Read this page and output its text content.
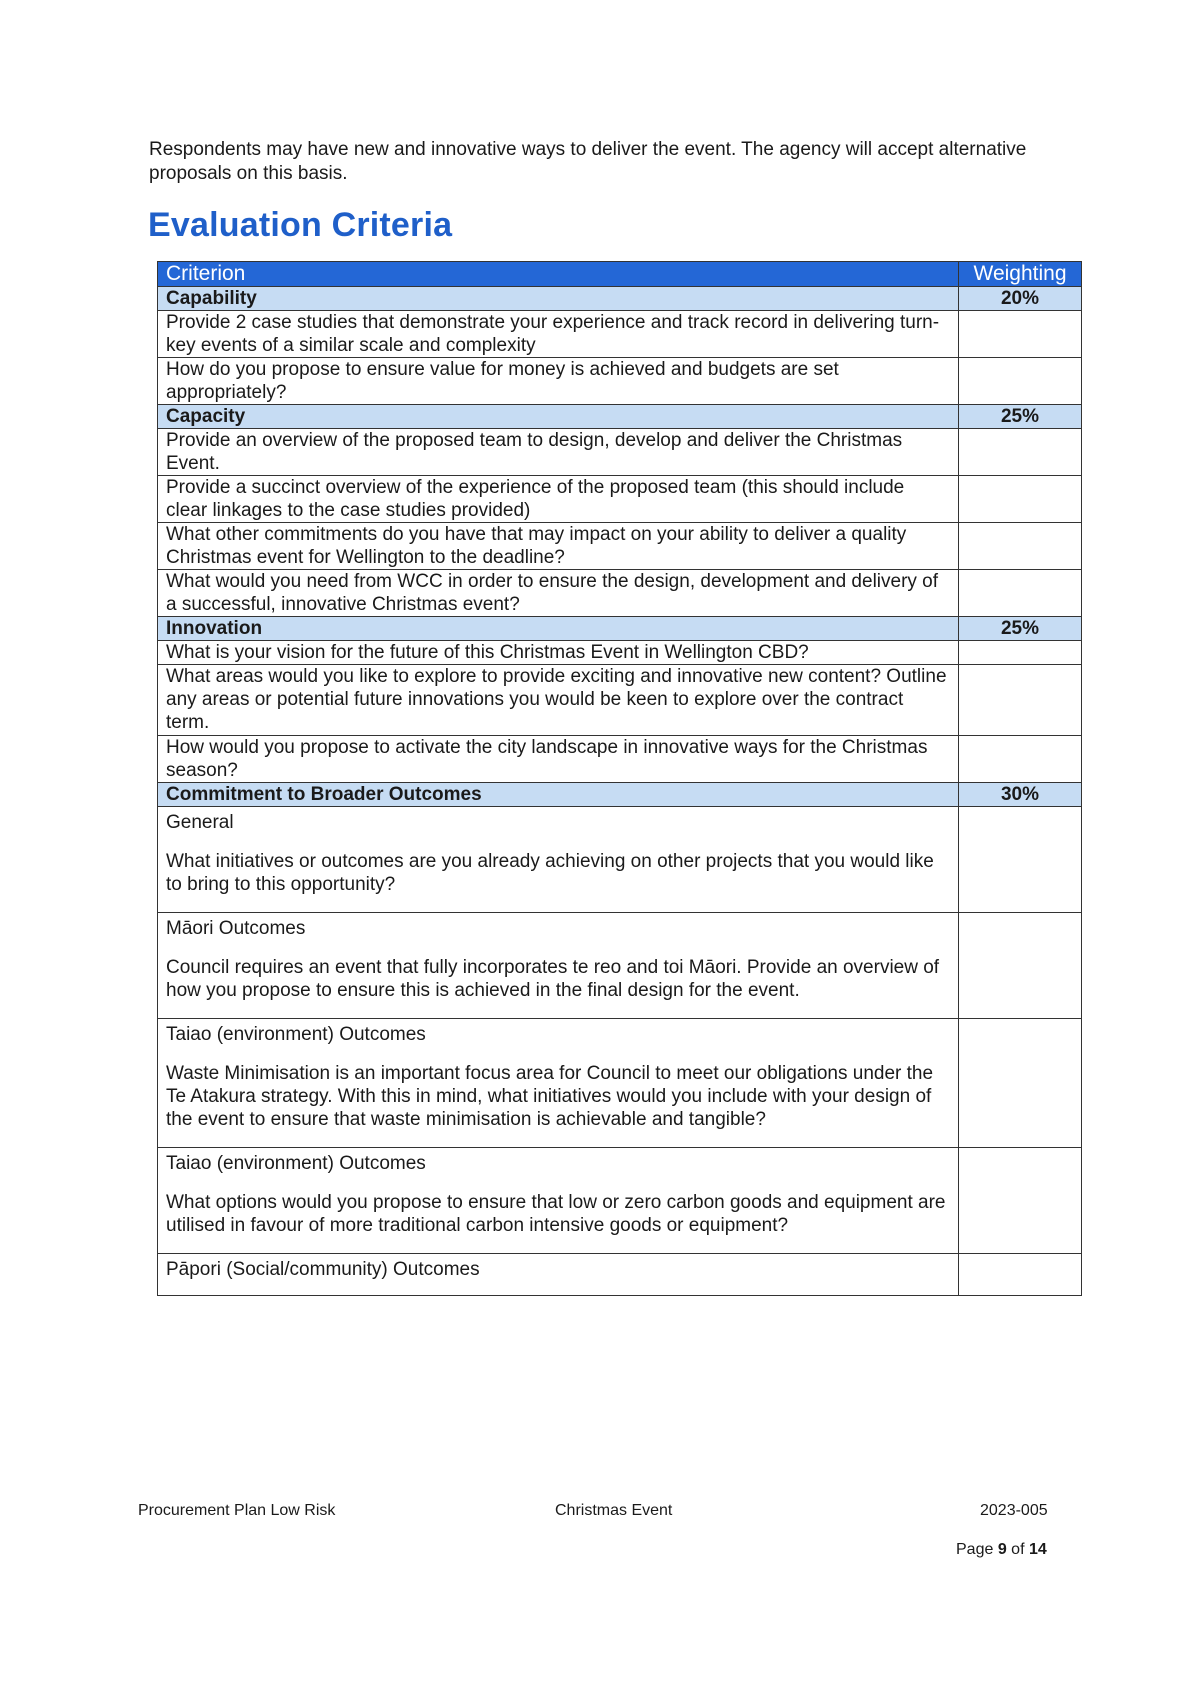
Respondents may have new and innovative ways to deliver the event. The agency will accept alternative proposals on this basis.
Evaluation Criteria
Criterion	Weighting
Capability	20%
Provide 2 case studies that demonstrate your experience and track record in delivering turn-key events of a similar scale and complexity	
How do you propose to ensure value for money is achieved and budgets are set appropriately?	
Capacity	25%
Provide an overview of the proposed team to design, develop and deliver the Christmas Event.	
Provide a succinct overview of the experience of the proposed team (this should include clear linkages to the case studies provided)	
What other commitments do you have that may impact on your ability to deliver a quality Christmas event for Wellington to the deadline?	
What would you need from WCC in order to ensure the design, development and delivery of a successful, innovative Christmas event?	
Innovation	25%
What is your vision for the future of this Christmas Event in Wellington CBD?	
What areas would you like to explore to provide exciting and innovative new content? Outline any areas or potential future innovations you would be keen to explore over the contract term.	
How would you propose to activate the city landscape in innovative ways for the Christmas season?	
Commitment to Broader Outcomes	30%

General
What initiatives or outcomes are you already achieving on other projects that you would like to bring to this opportunity?	

Māori Outcomes
Council requires an event that fully incorporates te reo and toi Māori. Provide an overview of how you propose to ensure this is achieved in the final design for the event.	

Taiao (environment) Outcomes
Waste Minimisation is an important focus area for Council to meet our obligations under the Te Atakura strategy. With this in mind, what initiatives would you include with your design of the event to ensure that waste minimisation is achievable and tangible?	

Taiao (environment) Outcomes
What options would you propose to ensure that low or zero carbon goods and equipment are utilised in favour of more traditional carbon intensive goods or equipment?	
Pāpori (Social/community) Outcomes	
Procurement Plan Low Risk	Christmas Event	2023-005
Page 9 of 14
